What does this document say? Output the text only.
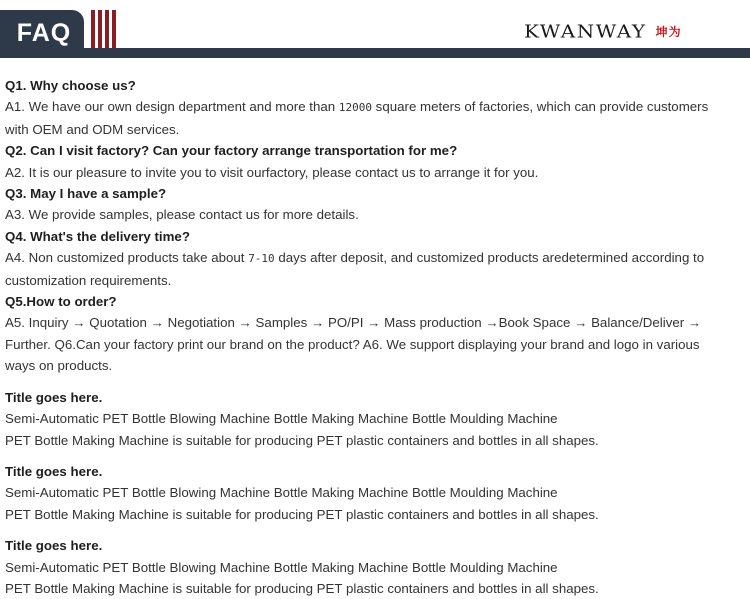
FAQ	KWANWAY 坤为
Q1. Why choose us?
A1. We have our own design department and more than 12000 square meters of factories, which can provide customers
with OEM and ODM services.
Q2. Can I visit factory? Can your factory arrange transportation for me?
A2. It is our pleasure to invite you to visit ourfactory, please contact us to arrange it for you.
Q3. May I have a sample?
A3. We provide samples, please contact us for more details.
Q4. What's the delivery time?
A4. Non customized products take about 7-10 days after deposit, and customized products aredetermined according to
customization requirements.
Q5.How to order?
A5. Inquiry → Quotation → Negotiation → Samples → PO/PI → Mass production →Book Space → Balance/Deliver →
Further. Q6.Can your factory print our brand on the product? A6. We support displaying your brand and logo in various
ways on products.
Title goes here.
Semi-Automatic PET Bottle Blowing Machine Bottle Making Machine Bottle Moulding Machine
PET Bottle Making Machine is suitable for producing PET plastic containers and bottles in all shapes.
Title goes here.
Semi-Automatic PET Bottle Blowing Machine Bottle Making Machine Bottle Moulding Machine
PET Bottle Making Machine is suitable for producing PET plastic containers and bottles in all shapes.
Title goes here.
Semi-Automatic PET Bottle Blowing Machine Bottle Making Machine Bottle Moulding Machine
PET Bottle Making Machine is suitable for producing PET plastic containers and bottles in all shapes.
